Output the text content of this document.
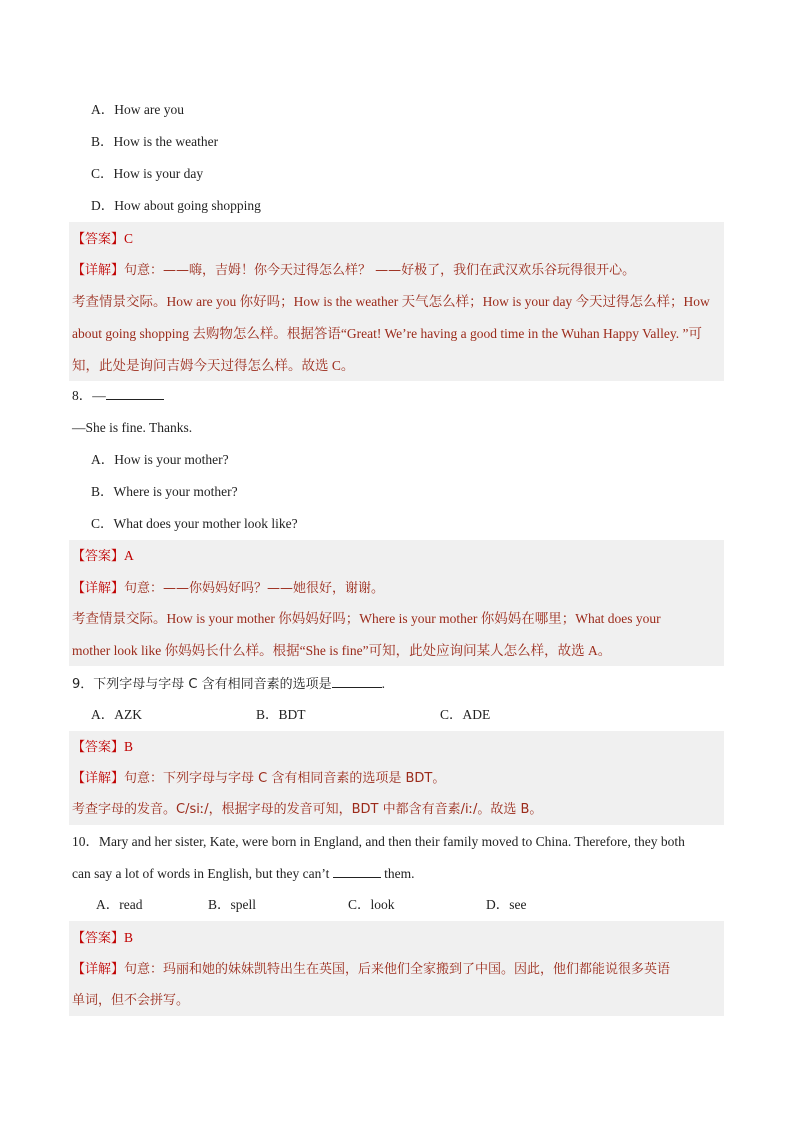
A．How are you
B．How is the weather
C．How is your day
D．How about going shopping
【答案】C
【详解】句意：——嗨，吉姆！你今天过得怎么样？ ——好极了，我们在武汉欢乐谷玩得很开心。
考查情景交际。How are you 你好吗；How is the weather 天气怎么样；How is your day 今天过得怎么样；How
about going shopping 去购物怎么样。根据答语“Great! We’re having a good time in the Wuhan Happy Valley. ”可
知，此处是询问吉姆今天过得怎么样。故选 C。
8．—
—She is fine. Thanks.
A．How is your mother?
B．Where is your mother?
C．What does your mother look like?
【答案】A
【详解】句意：——你妈妈好吗？——她很好，谢谢。
考查情景交际。How is your mother 你妈妈好吗；Where is your mother 你妈妈在哪里；What does your
mother look like 你妈妈长什么样。根据“She is fine”可知，此处应询问某人怎么样，故选 A。
9．下列字母与字母 C 含有相同音素的选项是	.
A．AZK	B．BDT	C．ADE
【答案】B
【详解】句意：下列字母与字母 C 含有相同音素的选项是 BDT。
考查字母的发音。C/siː/，根据字母的发音可知，BDT 中都含有音素/iː/。故选 B。
10．Mary and her sister, Kate, were born in England, and then their family moved to China. Therefore, they both
can say a lot of words in English, but they can’t	them.
A．read	B．spell	C．look	D．see
【答案】B
【详解】句意：玛丽和她的妹妹凯特出生在英国，后来他们全家搬到了中国。因此，他们都能说很多英语
单词，但不会拼写。
